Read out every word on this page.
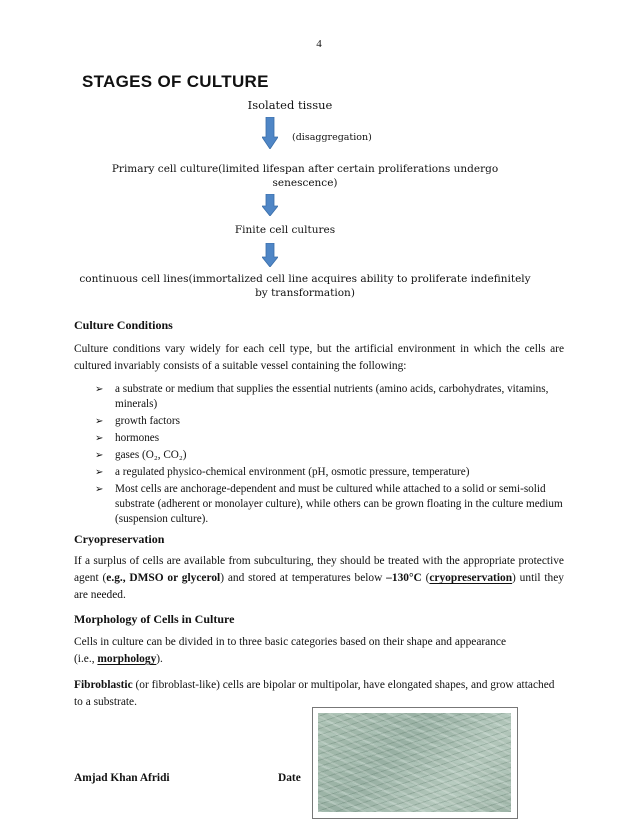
4
STAGES OF CULTURE
Isolated tissue
(disaggregation)
Primary cell culture(limited lifespan after certain proliferations undergo
senescence)
Finite cell cultures
continuous cell lines(immortalized cell line acquires ability to proliferate indefinitely
by transformation)
Culture Conditions
Culture conditions vary widely for each cell type, but the artificial environment in which the cells are cultured invariably consists of a suitable vessel containing the following:
➢ a substrate or medium that supplies the essential nutrients (amino acids, carbohydrates, vitamins, minerals)
➢ growth factors
➢ hormones
➢ gases (O₂, CO₂)
➢ a regulated physico-chemical environment (pH, osmotic pressure, temperature)
➢ Most cells are anchorage-dependent and must be cultured while attached to a solid or semi-solid substrate (adherent or monolayer culture), while others can be grown floating in the culture medium (suspension culture).
Cryopreservation
If a surplus of cells are available from subculturing, they should be treated with the appropriate protective agent (e.g., DMSO or glycerol) and stored at temperatures below –130°C (cryopreservation) until they are needed.
Morphology of Cells in Culture
Cells in culture can be divided in to three basic categories based on their shape and appearance
(i.e., morphology).
Fibroblastic (or fibroblast-like) cells are bipolar or multipolar, have elongated shapes, and grow attached to a substrate.
Amjad Khan Afridi	Date
